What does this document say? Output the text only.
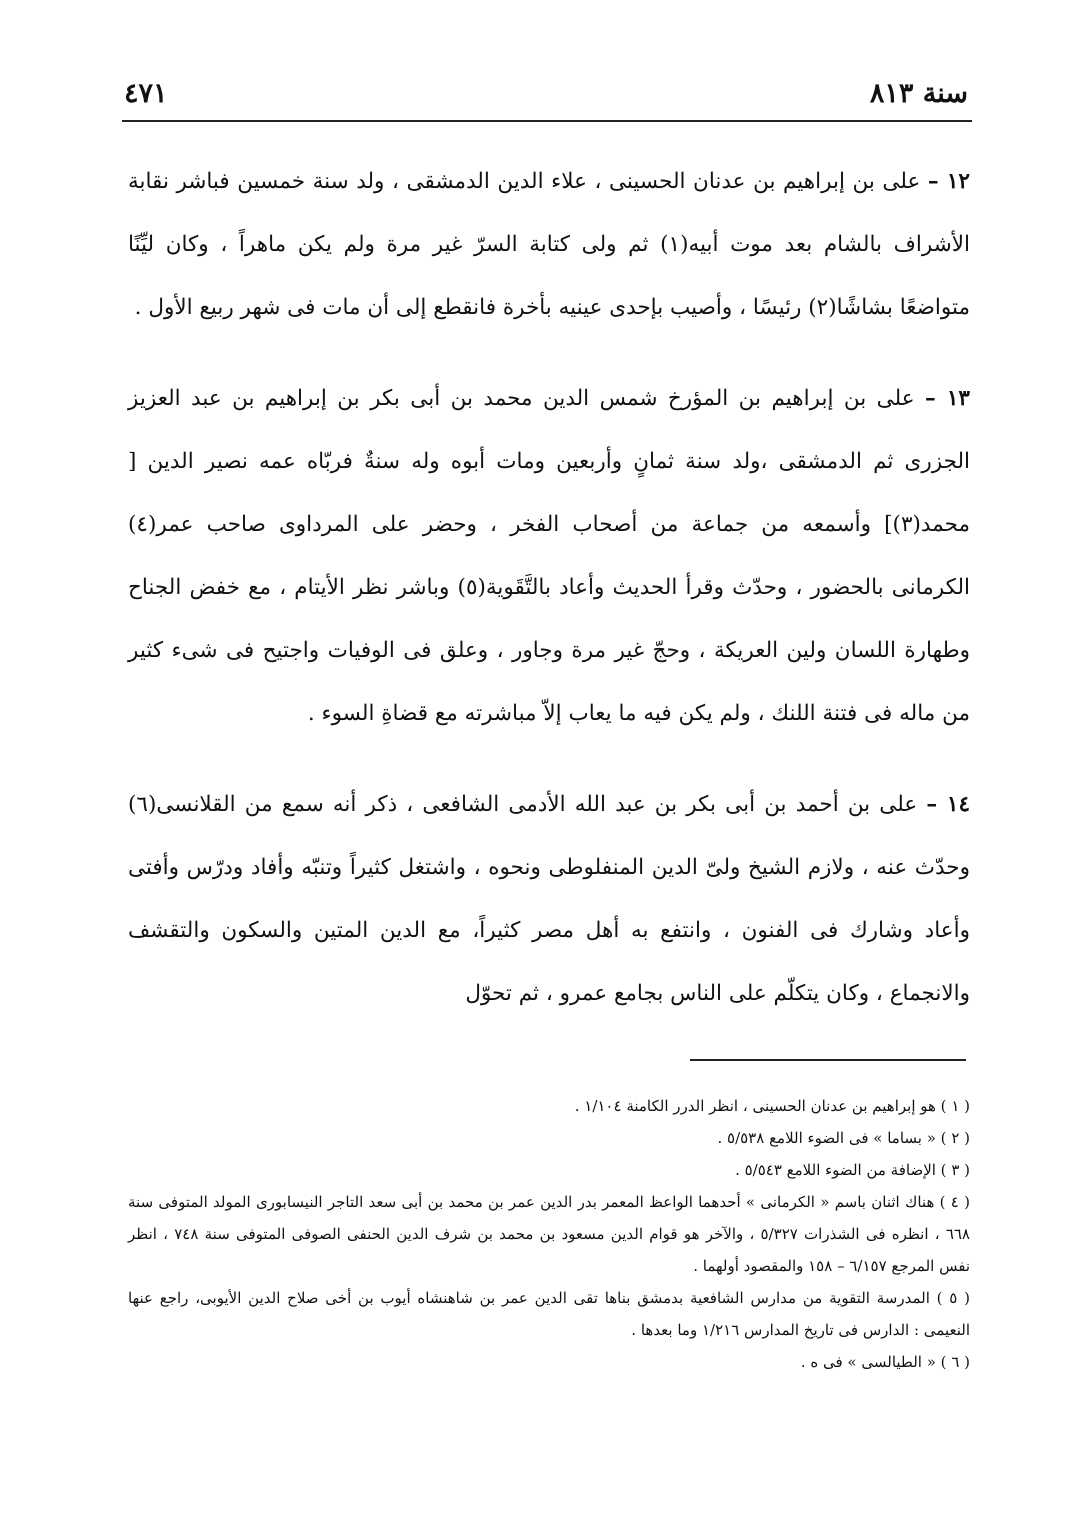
سنة ٨١٣
٤٧١

١٢ – على بن إبراهيم بن عدنان الحسينى ، علاء الدين الدمشقى ، ولد سنة خمسين فباشر نقابة الأشراف بالشام بعد موت أبيه(١) ثم ولى كتابة السرّ غير مرة ولم يكن ماهراً ، وكان ليِّنًا متواضعًا بشاشًا(٢) رئيسًا ، وأصيب بإحدى عينيه بأخرة فانقطع إلى أن مات فى شهر ربيع الأول .

١٣ – على بن إبراهيم بن المؤرخ شمس الدين محمد بن أبى بكر بن إبراهيم بن عبد العزيز الجزرى ثم الدمشقى ،ولد سنة ثمانٍ وأربعين ومات أبوه وله سنةٌ فربّاه عمه نصير الدين [ محمد(٣)] وأسمعه من جماعة من أصحاب الفخر ، وحضر على المرداوى صاحب عمر(٤) الكرمانى بالحضور ، وحدّث وقرأ الحديث وأعاد بالتَّقَوية(٥) وباشر نظر الأيتام ، مع خفض الجناح وطهارة اللسان ولين العريكة ، وحجّ غير مرة وجاور ، وعلق فى الوفيات واجتيح فى شىء كثير من ماله فى فتنة اللنك ، ولم يكن فيه ما يعاب إلاّ مباشرته مع قضاةِ السوء .

١٤ – على بن أحمد بن أبى بكر بن عبد الله الأدمى الشافعى ، ذكر أنه سمع من القلانسى(٦) وحدّث عنه ، ولازم الشيخ ولىّ الدين المنفلوطى ونحوه ، واشتغل كثيراً وتنبّه وأفاد ودرّس وأفتى وأعاد وشارك فى الفنون ، وانتفع به أهل مصر كثيراً، مع الدين المتين والسكون والتقشف والانجماع ، وكان يتكلّم على الناس بجامع عمرو ، ثم تحوّل

( ١ ) هو إبراهيم بن عدنان الحسينى ، انظر الدرر الكامنة ١/١٠٤ .

( ٢ ) « بساما » فى الضوء اللامع ٥/٥٣٨ .

( ٣ ) الإضافة من الضوء اللامع ٥/٥٤٣ .

( ٤ ) هناك اثنان باسم « الكرمانى » أحدهما الواعظ المعمر بدر الدين عمر بن محمد بن أبى سعد التاجر النيسابورى المولد المتوفى سنة ٦٦٨ ، انظره فى الشذرات ٥/٣٢٧ ، والآخر هو قوام الدين مسعود بن محمد بن شرف الدين الحنفى الصوفى المتوفى سنة ٧٤٨ ، انظر نفس المرجع ٦/١٥٧ – ١٥٨ والمقصود أولهما .

( ٥ ) المدرسة التقوية من مدارس الشافعية بدمشق بناها تقى الدين عمر بن شاهنشاه أيوب بن أخى صلاح الدين الأيوبى، راجع عنها النعيمى : الدارس فى تاريخ المدارس ١/٢١٦ وما بعدها .

( ٦ ) « الطيالسى » فى ه .
